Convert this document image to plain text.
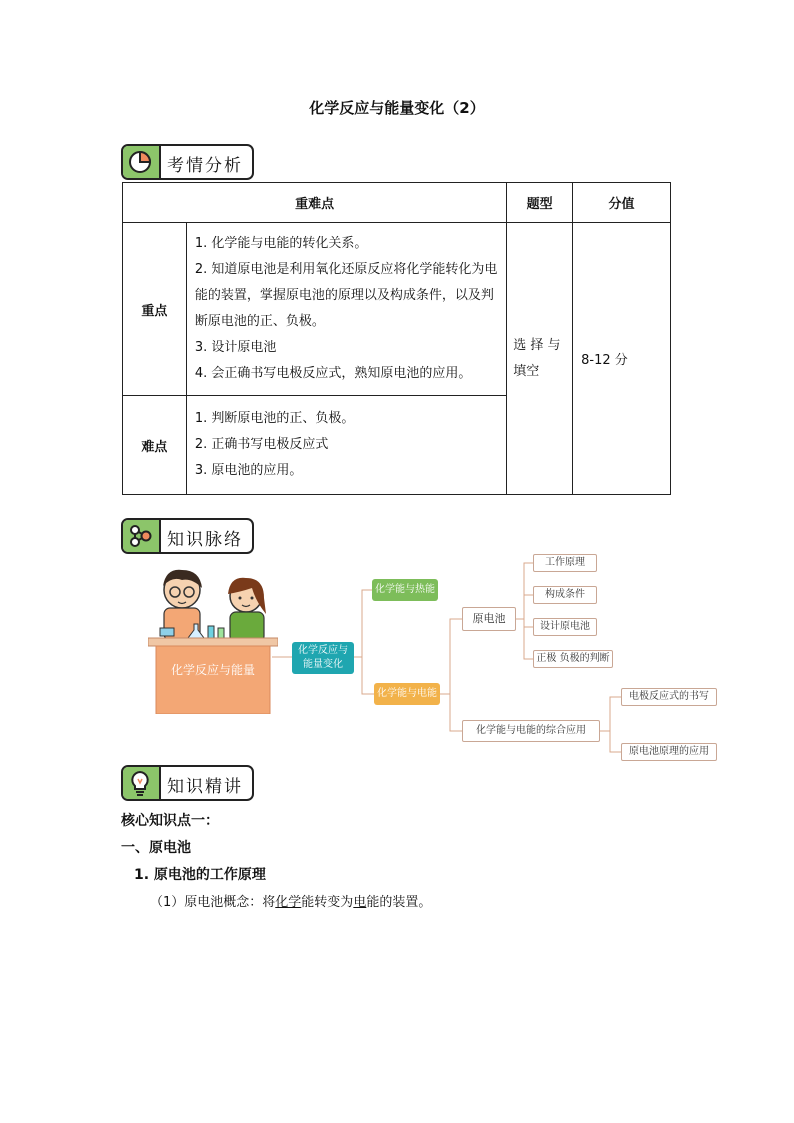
化学反应与能量变化（2）
考情分析
重难点		题型	分值
重点	1. 化学能与电能的转化关系。

2. 知道原电池是利用氧化还原反应将化学能转化为电能的装置，掌握原电池的原理以及构成条件，以及判断原电池的正、负极。

3. 设计原电池

4. 会正确书写电极反应式，熟知原电池的应用。	选 择 与 填空	8-12 分
难点	1. 判断原电池的正、负极。

2. 正确书写电极反应式

3. 原电池的应用。		

知识脉络
化学反应与能量
化学反应与能量变化
化学能与热能
化学能与电能
原电池
化学能与电能的综合应用
工作原理
构成条件
设计原电池
正极 负极的判断
电极反应式的书写
原电池原理的应用
知识精讲
核心知识点一：
一、原电池
1. 原电池的工作原理
（1）原电池概念：将化学能转变为电能的装置。
